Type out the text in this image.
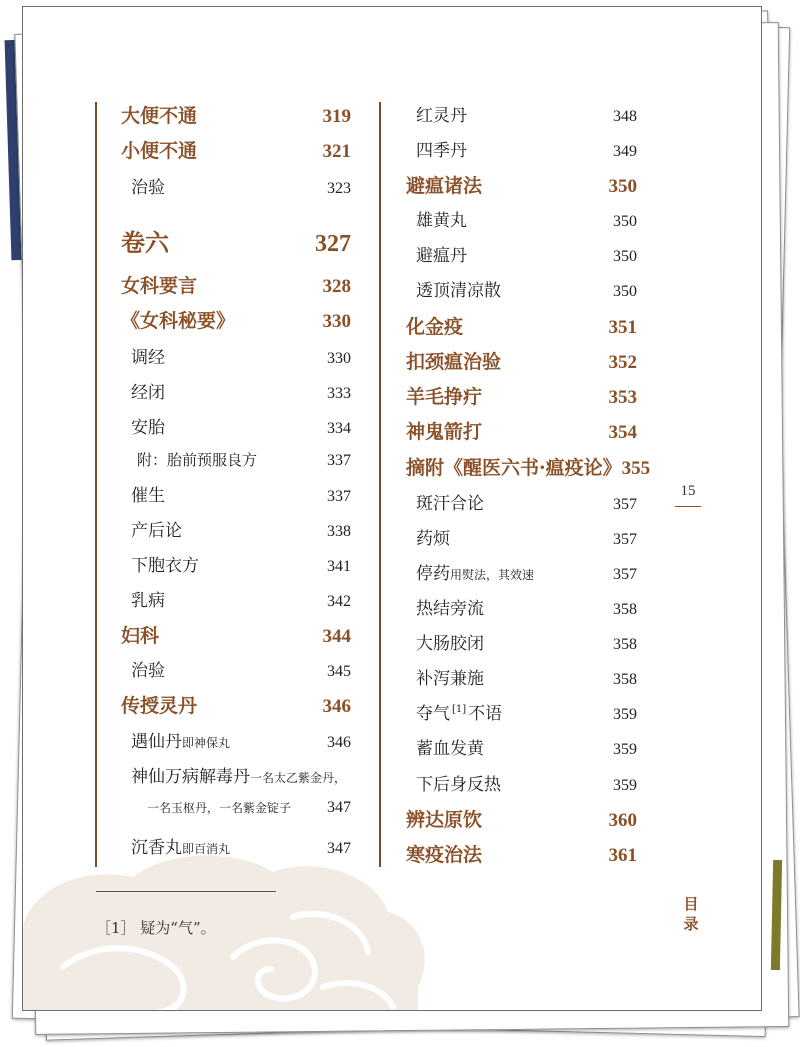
大便不通	319
小便不通	321
治验	323
卷六	327
女科要言	328
《女科秘要》	330
调经	330
经闭	333
安胎	334
附：胎前预服良方	337
催生	337
产后论	338
下胞衣方	341
乳病	342
妇科	344
治验	345
传授灵丹	346
遇仙丹即神保丸	346
神仙万病解毒丹一名太乙紫金丹，
一名玉枢丹，一名紫金锭子 347
沉香丸即百消丸	347
红灵丹	348
四季丹	349
避瘟诸法	350
雄黄丸	350
避瘟丹	350
透顶清凉散	350
化金疫	351
扣颈瘟治验	352
羊毛挣疔	353
神鬼箭打	354
摘附《醒医六书·瘟疫论》 355
斑汗合论	357
药烦	357
停药用熨法，其效速	357
热结旁流	358
大肠胶闭	358
补泻兼施	358
夺气 [1] 不语	359
蓄血发黄	359
下后身反热	359
辨达原饮	360
寒疫治法	361
15
目录
［1］ 疑为“气”。
